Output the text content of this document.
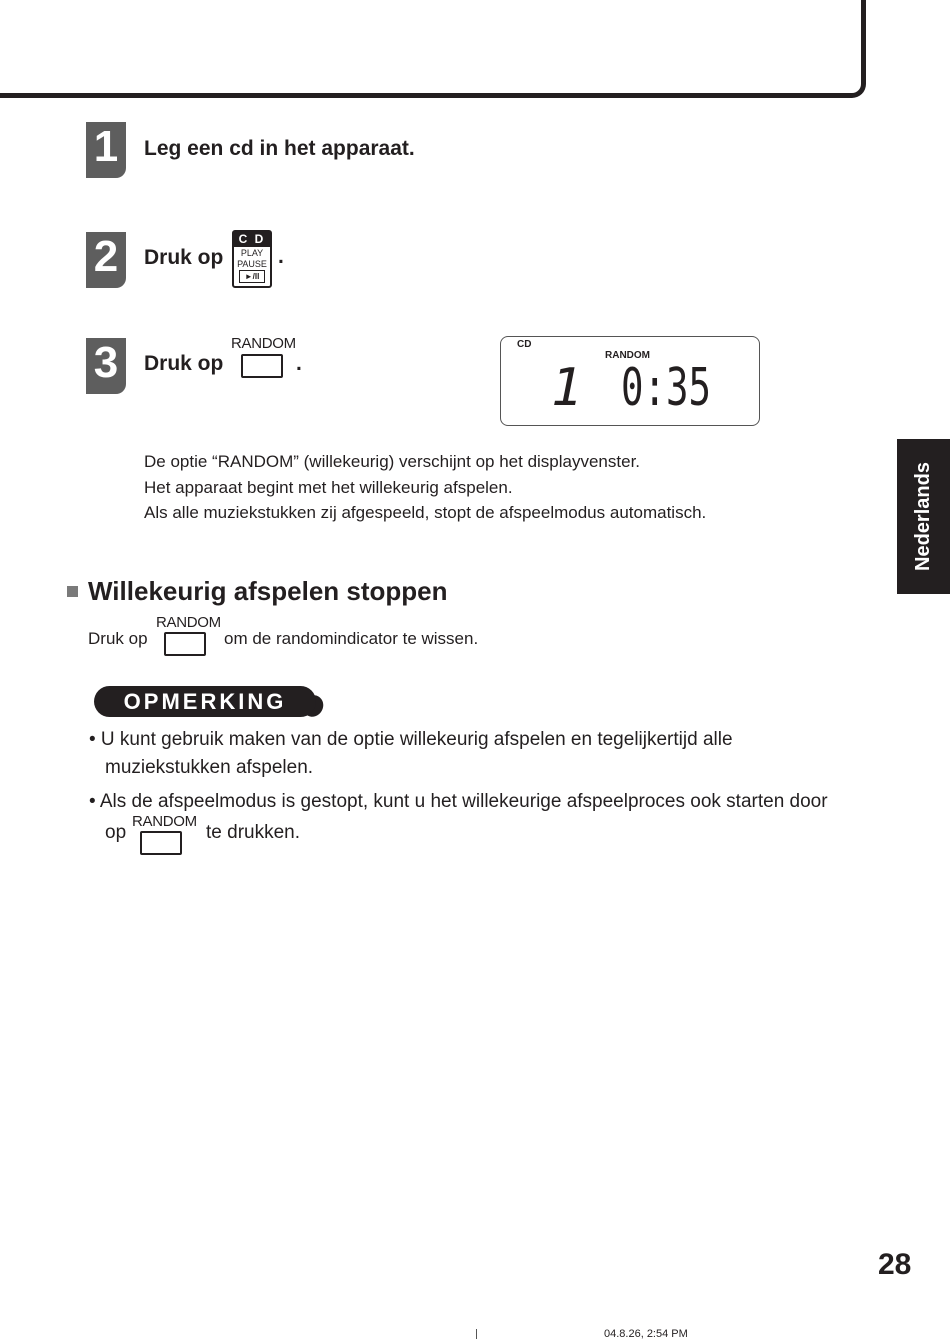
1	Leg een cd in het apparaat.
2	Druk op
C D
PLAY
PAUSE
►/II
.
3	Druk op
RANDOM
.
CD
RANDOM
1 0:35
De optie “RANDOM” (willekeurig) verschijnt op het displayvenster.
Het apparaat begint met het willekeurig afspelen.
Als alle muziekstukken zij afgespeeld, stopt de afspeelmodus automatisch.	Nederlands
Willekeurig afspelen stoppen
Druk op
RANDOM
om de randomindicator te wissen.
OPMERKING
• U kunt gebruik maken van de optie willekeurig afspelen en tegelijkertijd alle
muziekstukken afspelen.
• Als de afspeelmodus is gestopt, kunt u het willekeurige afspeelproces ook starten door
op
RANDOM
te drukken.
28
04.8.26, 2:54 PM
